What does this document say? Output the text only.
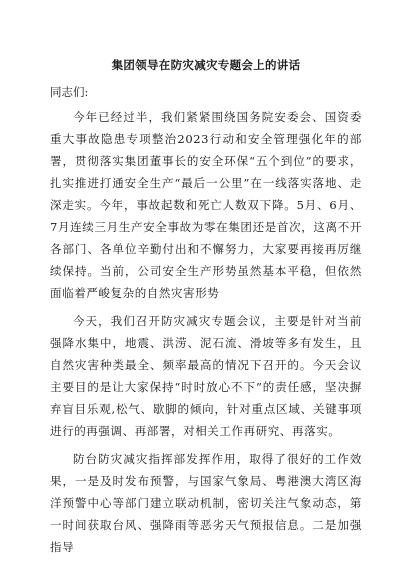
集团领导在防灾减灾专题会上的讲话

同志们:

今年已经过半，我们紧紧围绕国务院安委会、国资委重大事故隐患专项整治2023行动和安全管理强化年的部署，贯彻落实集团董事长的安全环保“五个到位”的要求，扎实推进打通安全生产“最后一公里”在一线落实落地、走深走实。今年，事故起数和死亡人数双下降。5月、6月、7月连续三月生产安全事故为零在集团还是首次，这离不开各部门、各单位辛勤付出和不懈努力，大家要再接再厉继续保持。当前，公司安全生产形势虽然基本平稳，但依然面临着严峻复杂的自然灾害形势

今天，我们召开防灾减灾专题会议，主要是针对当前强降水集中，地震、洪涝、泥石流、滑坡等多有发生，且自然灾害种类最全、频率最高的情况下召开的。今天会议主要目的是让大家保持“时时放心不下”的责任感，坚决摒弃盲目乐观,松气、歇脚的倾向，针对重点区域、关键事项进行的再强调、再部署，对相关工作再研究、再落实。

防台防灾减灾指挥部发挥作用，取得了很好的工作效果，一是及时发布预警，与国家气象局、粤港澳大湾区海洋预警中心等部门建立联动机制，密切关注气象动态，第一时间获取台风、强降雨等恶劣天气预报信息。二是加强指导
